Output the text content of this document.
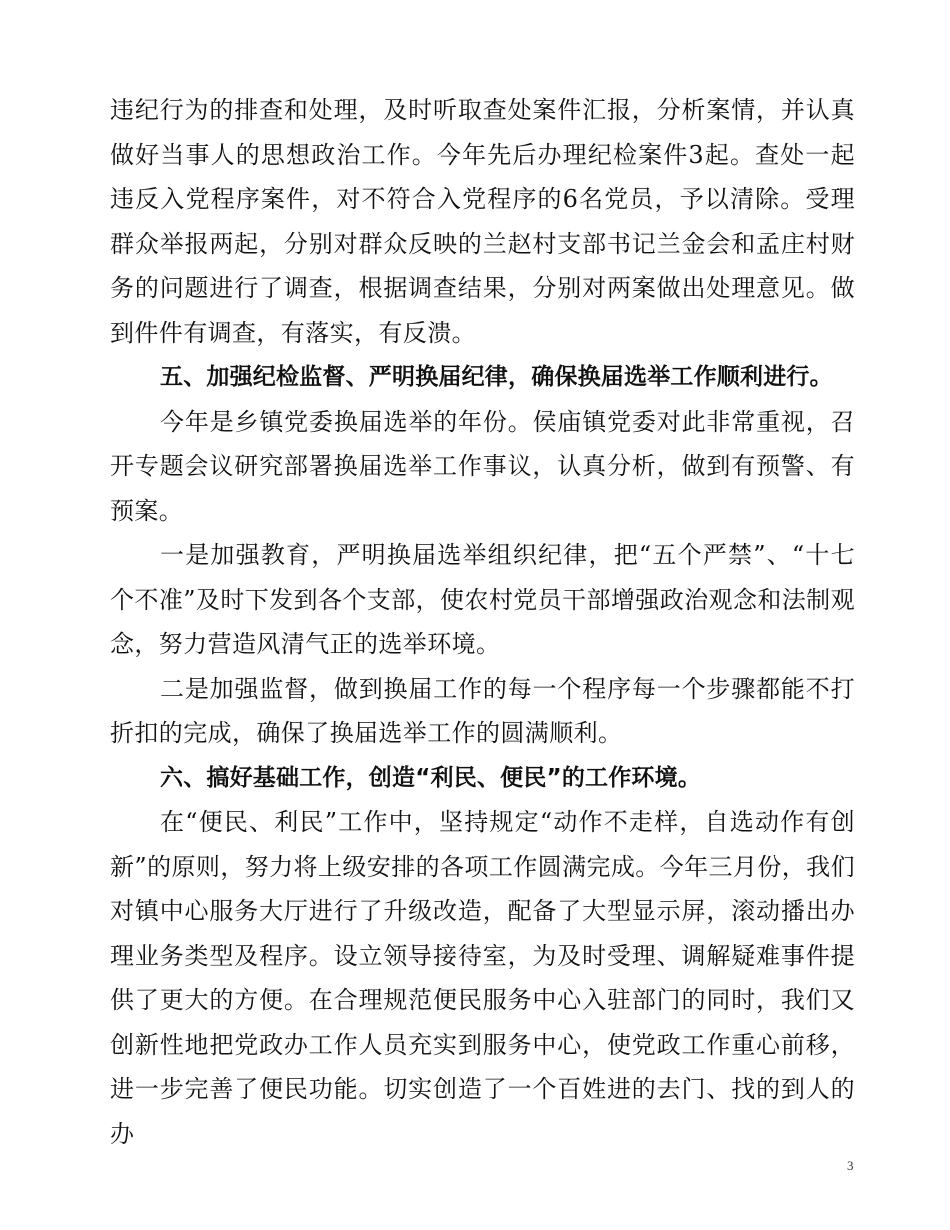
违纪行为的排查和处理，及时听取查处案件汇报，分析案情，并认真做好当事人的思想政治工作。今年先后办理纪检案件3起。查处一起违反入党程序案件，对不符合入党程序的6名党员，予以清除。受理群众举报两起，分别对群众反映的兰赵村支部书记兰金会和孟庄村财务的问题进行了调查，根据调查结果，分别对两案做出处理意见。做到件件有调查，有落实，有反溃。

五、加强纪检监督、严明换届纪律，确保换届选举工作顺利进行。

今年是乡镇党委换届选举的年份。侯庙镇党委对此非常重视，召开专题会议研究部署换届选举工作事议，认真分析，做到有预警、有预案。

一是加强教育，严明换届选举组织纪律，把“五个严禁”、“十七个不准”及时下发到各个支部，使农村党员干部增强政治观念和法制观念，努力营造风清气正的选举环境。

二是加强监督，做到换届工作的每一个程序每一个步骤都能不打折扣的完成，确保了换届选举工作的圆满顺利。

六、搞好基础工作，创造“利民、便民”的工作环境。

在“便民、利民”工作中，坚持规定“动作不走样，自选动作有创新”的原则，努力将上级安排的各项工作圆满完成。今年三月份，我们对镇中心服务大厅进行了升级改造，配备了大型显示屏，滚动播出办理业务类型及程序。设立领导接待室，为及时受理、调解疑难事件提供了更大的方便。在合理规范便民服务中心入驻部门的同时，我们又创新性地把党政办工作人员充实到服务中心，使党政工作重心前移，进一步完善了便民功能。切实创造了一个百姓进的去门、找的到人的办

3
